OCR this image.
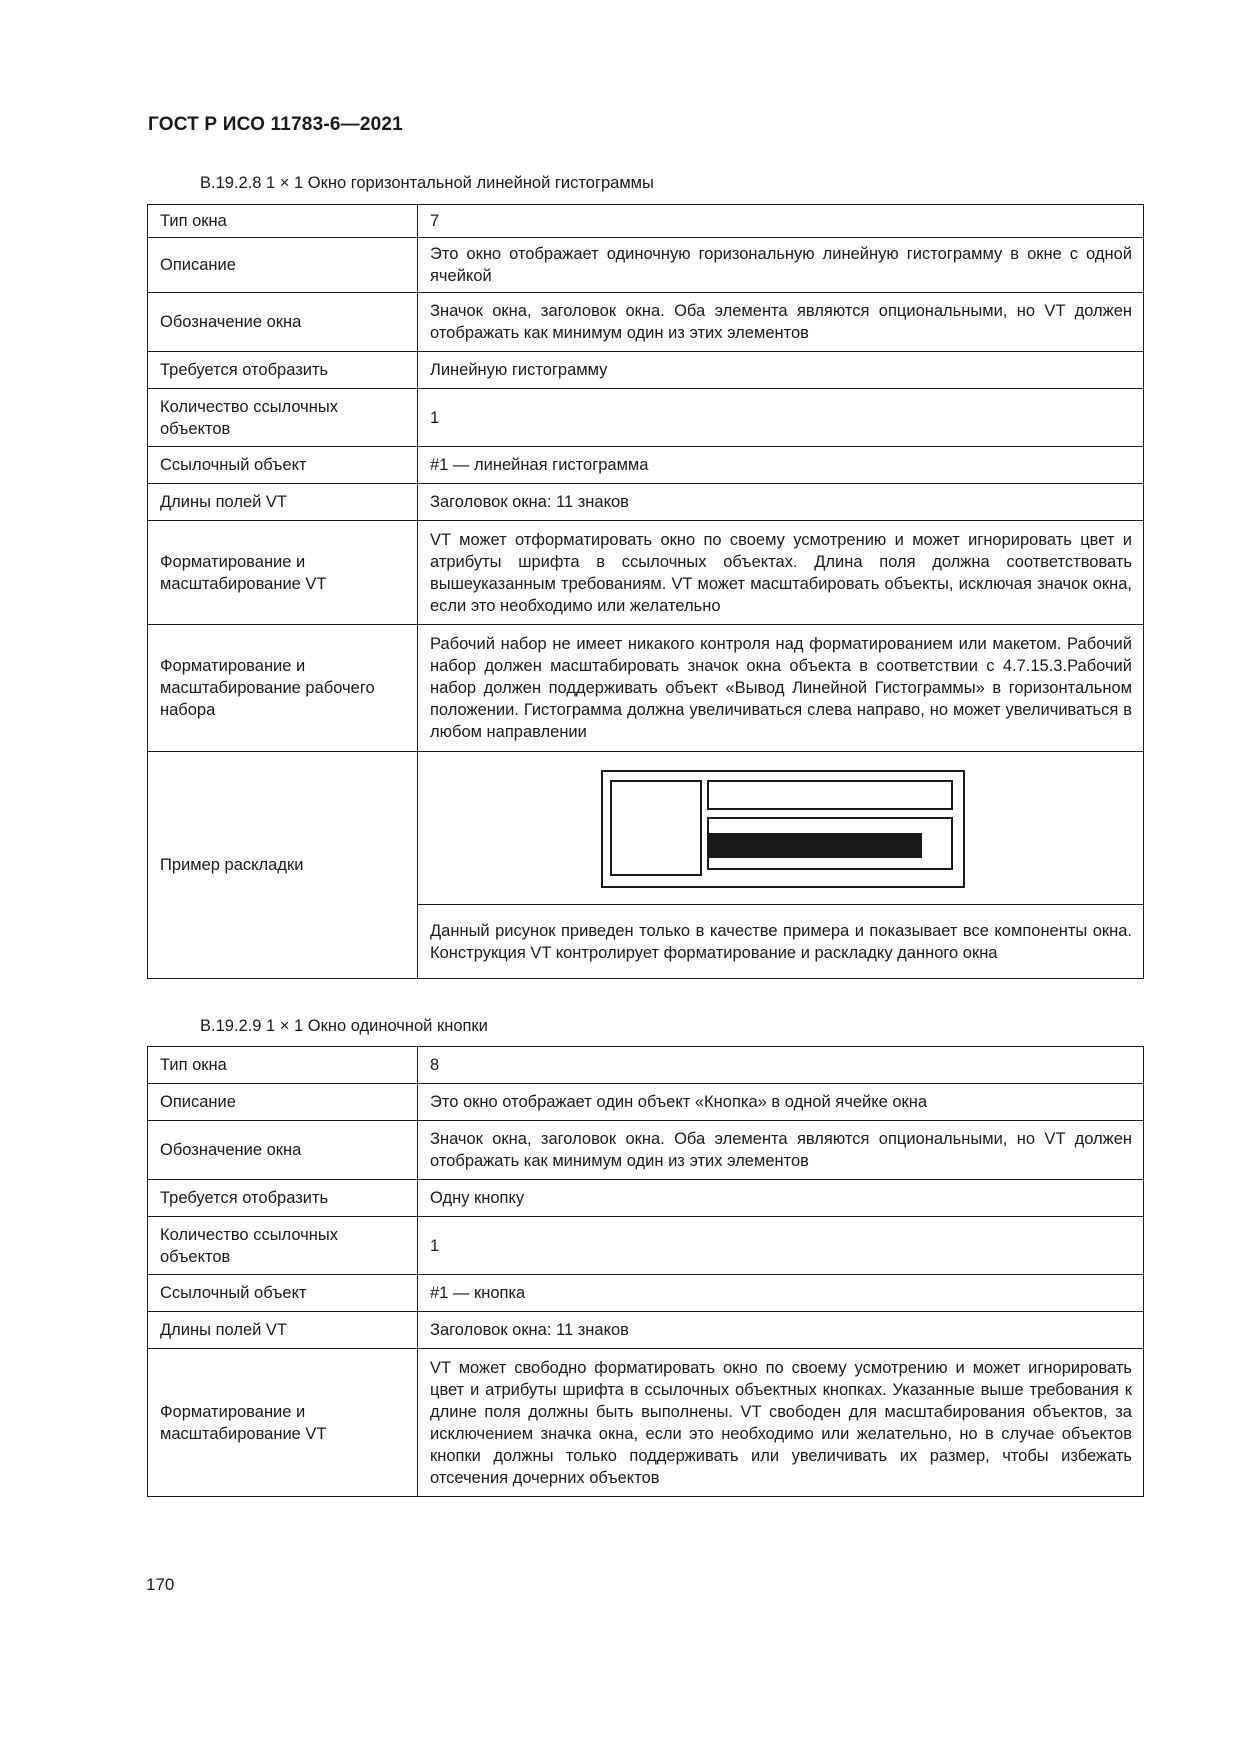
ГОСТ Р ИСО 11783-6—2021
B.19.2.8 1 × 1 Окно горизонтальной линейной гистограммы
Тип окна	7
Описание	Это окно отображает одиночную горизональную линейную гистограмму в окне с одной ячейкой
Обозначение окна	Значок окна, заголовок окна. Оба элемента являются опциональными, но VT должен отображать как минимум один из этих элементов
Требуется отобразить	Линейную гистограмму
Количество ссылочных объектов	1
Ссылочный объект	#1 — линейная гистограмма
Длины полей VT	Заголовок окна: 11 знаков
Форматирование и масштабирование VT	VT может отформатировать окно по своему усмотрению и может игнорировать цвет и атрибуты шрифта в ссылочных объектах. Длина поля должна соответствовать вышеуказанным требованиям. VT может масштабировать объекты, исключая значок окна, если это необходимо или желательно
Форматирование и масштабирование рабочего набора	Рабочий набор не имеет никакого контроля над форматированием или макетом. Рабочий набор должен масштабировать значок окна объекта в соответствии с 4.7.15.3.Рабочий набор должен поддерживать объект «Вывод Линейной Гистограммы» в горизонтальном положении. Гистограмма должна увеличиваться слева направо, но может увеличиваться в любом направлении
Пример раскладки	

	Данный рисунок приведен только в качестве примера и показывает все компоненты окна. Конструкция VT контролирует форматирование и раскладку данного окна
B.19.2.9 1 × 1 Окно одиночной кнопки
Тип окна	8
Описание	Это окно отображает один объект «Кнопка» в одной ячейке окна
Обозначение окна	Значок окна, заголовок окна. Оба элемента являются опциональными, но VT должен отображать как минимум один из этих элементов
Требуется отобразить	Одну кнопку
Количество ссылочных объектов	1
Ссылочный объект	#1 — кнопка
Длины полей VT	Заголовок окна: 11 знаков
Форматирование и масштабирование VT	VT может свободно форматировать окно по своему усмотрению и может игнорировать цвет и атрибуты шрифта в ссылочных объектных кнопках. Указанные выше требования к длине поля должны быть выполнены. VT свободен для масштабирования объектов, за исключением значка окна, если это необходимо или желательно, но в случае объектов кнопки должны только поддерживать или увеличивать их размер, чтобы избежать отсечения дочерних объектов
170
